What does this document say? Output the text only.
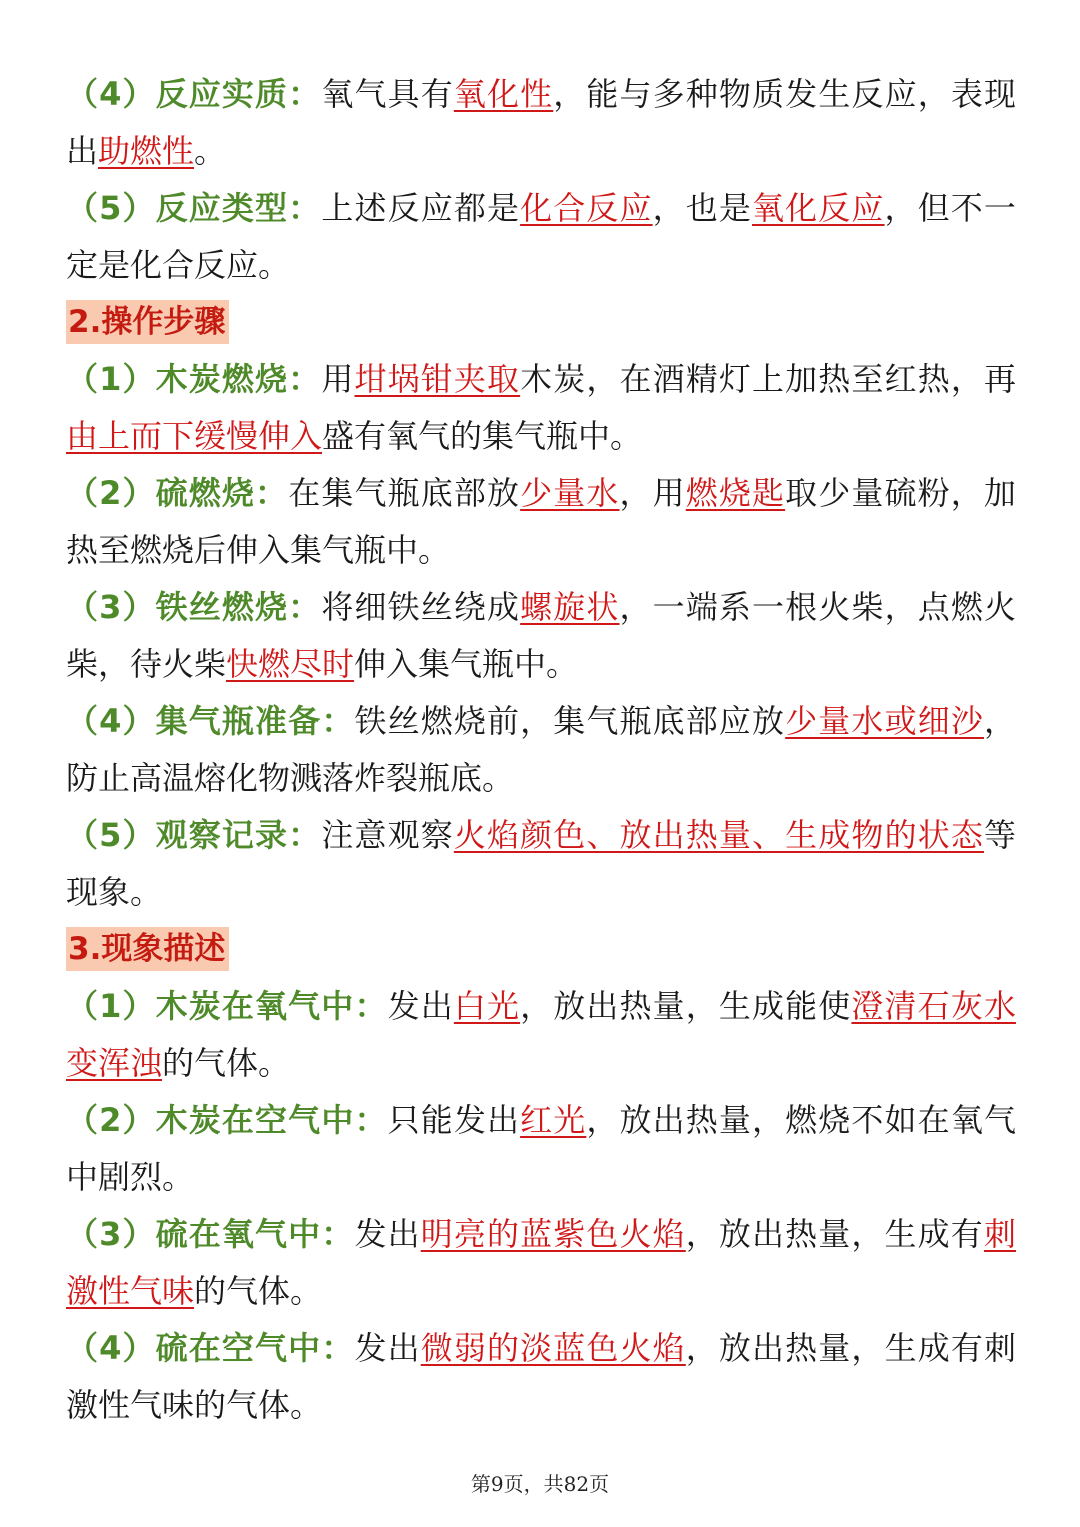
（4）反应实质：氧气具有氧化性，能与多种物质发生反应，表现出助燃性。

（5）反应类型：上述反应都是化合反应，也是氧化反应，但不一定是化合反应。

2.操作步骤

（1）木炭燃烧：用坩埚钳夹取木炭，在酒精灯上加热至红热，再由上而下缓慢伸入盛有氧气的集气瓶中。

（2）硫燃烧：在集气瓶底部放少量水，用燃烧匙取少量硫粉，加热至燃烧后伸入集气瓶中。

（3）铁丝燃烧：将细铁丝绕成螺旋状，一端系一根火柴，点燃火柴，待火柴快燃尽时伸入集气瓶中。

（4）集气瓶准备：铁丝燃烧前，集气瓶底部应放少量水或细沙，防止高温熔化物溅落炸裂瓶底。

（5）观察记录：注意观察火焰颜色、放出热量、生成物的状态等现象。

3.现象描述

（1）木炭在氧气中：发出白光，放出热量，生成能使澄清石灰水变浑浊的气体。

（2）木炭在空气中：只能发出红光，放出热量，燃烧不如在氧气中剧烈。

（3）硫在氧气中：发出明亮的蓝紫色火焰，放出热量，生成有刺激性气味的气体。

（4）硫在空气中：发出微弱的淡蓝色火焰，放出热量，生成有刺激性气味的气体。

第9页，共82页
